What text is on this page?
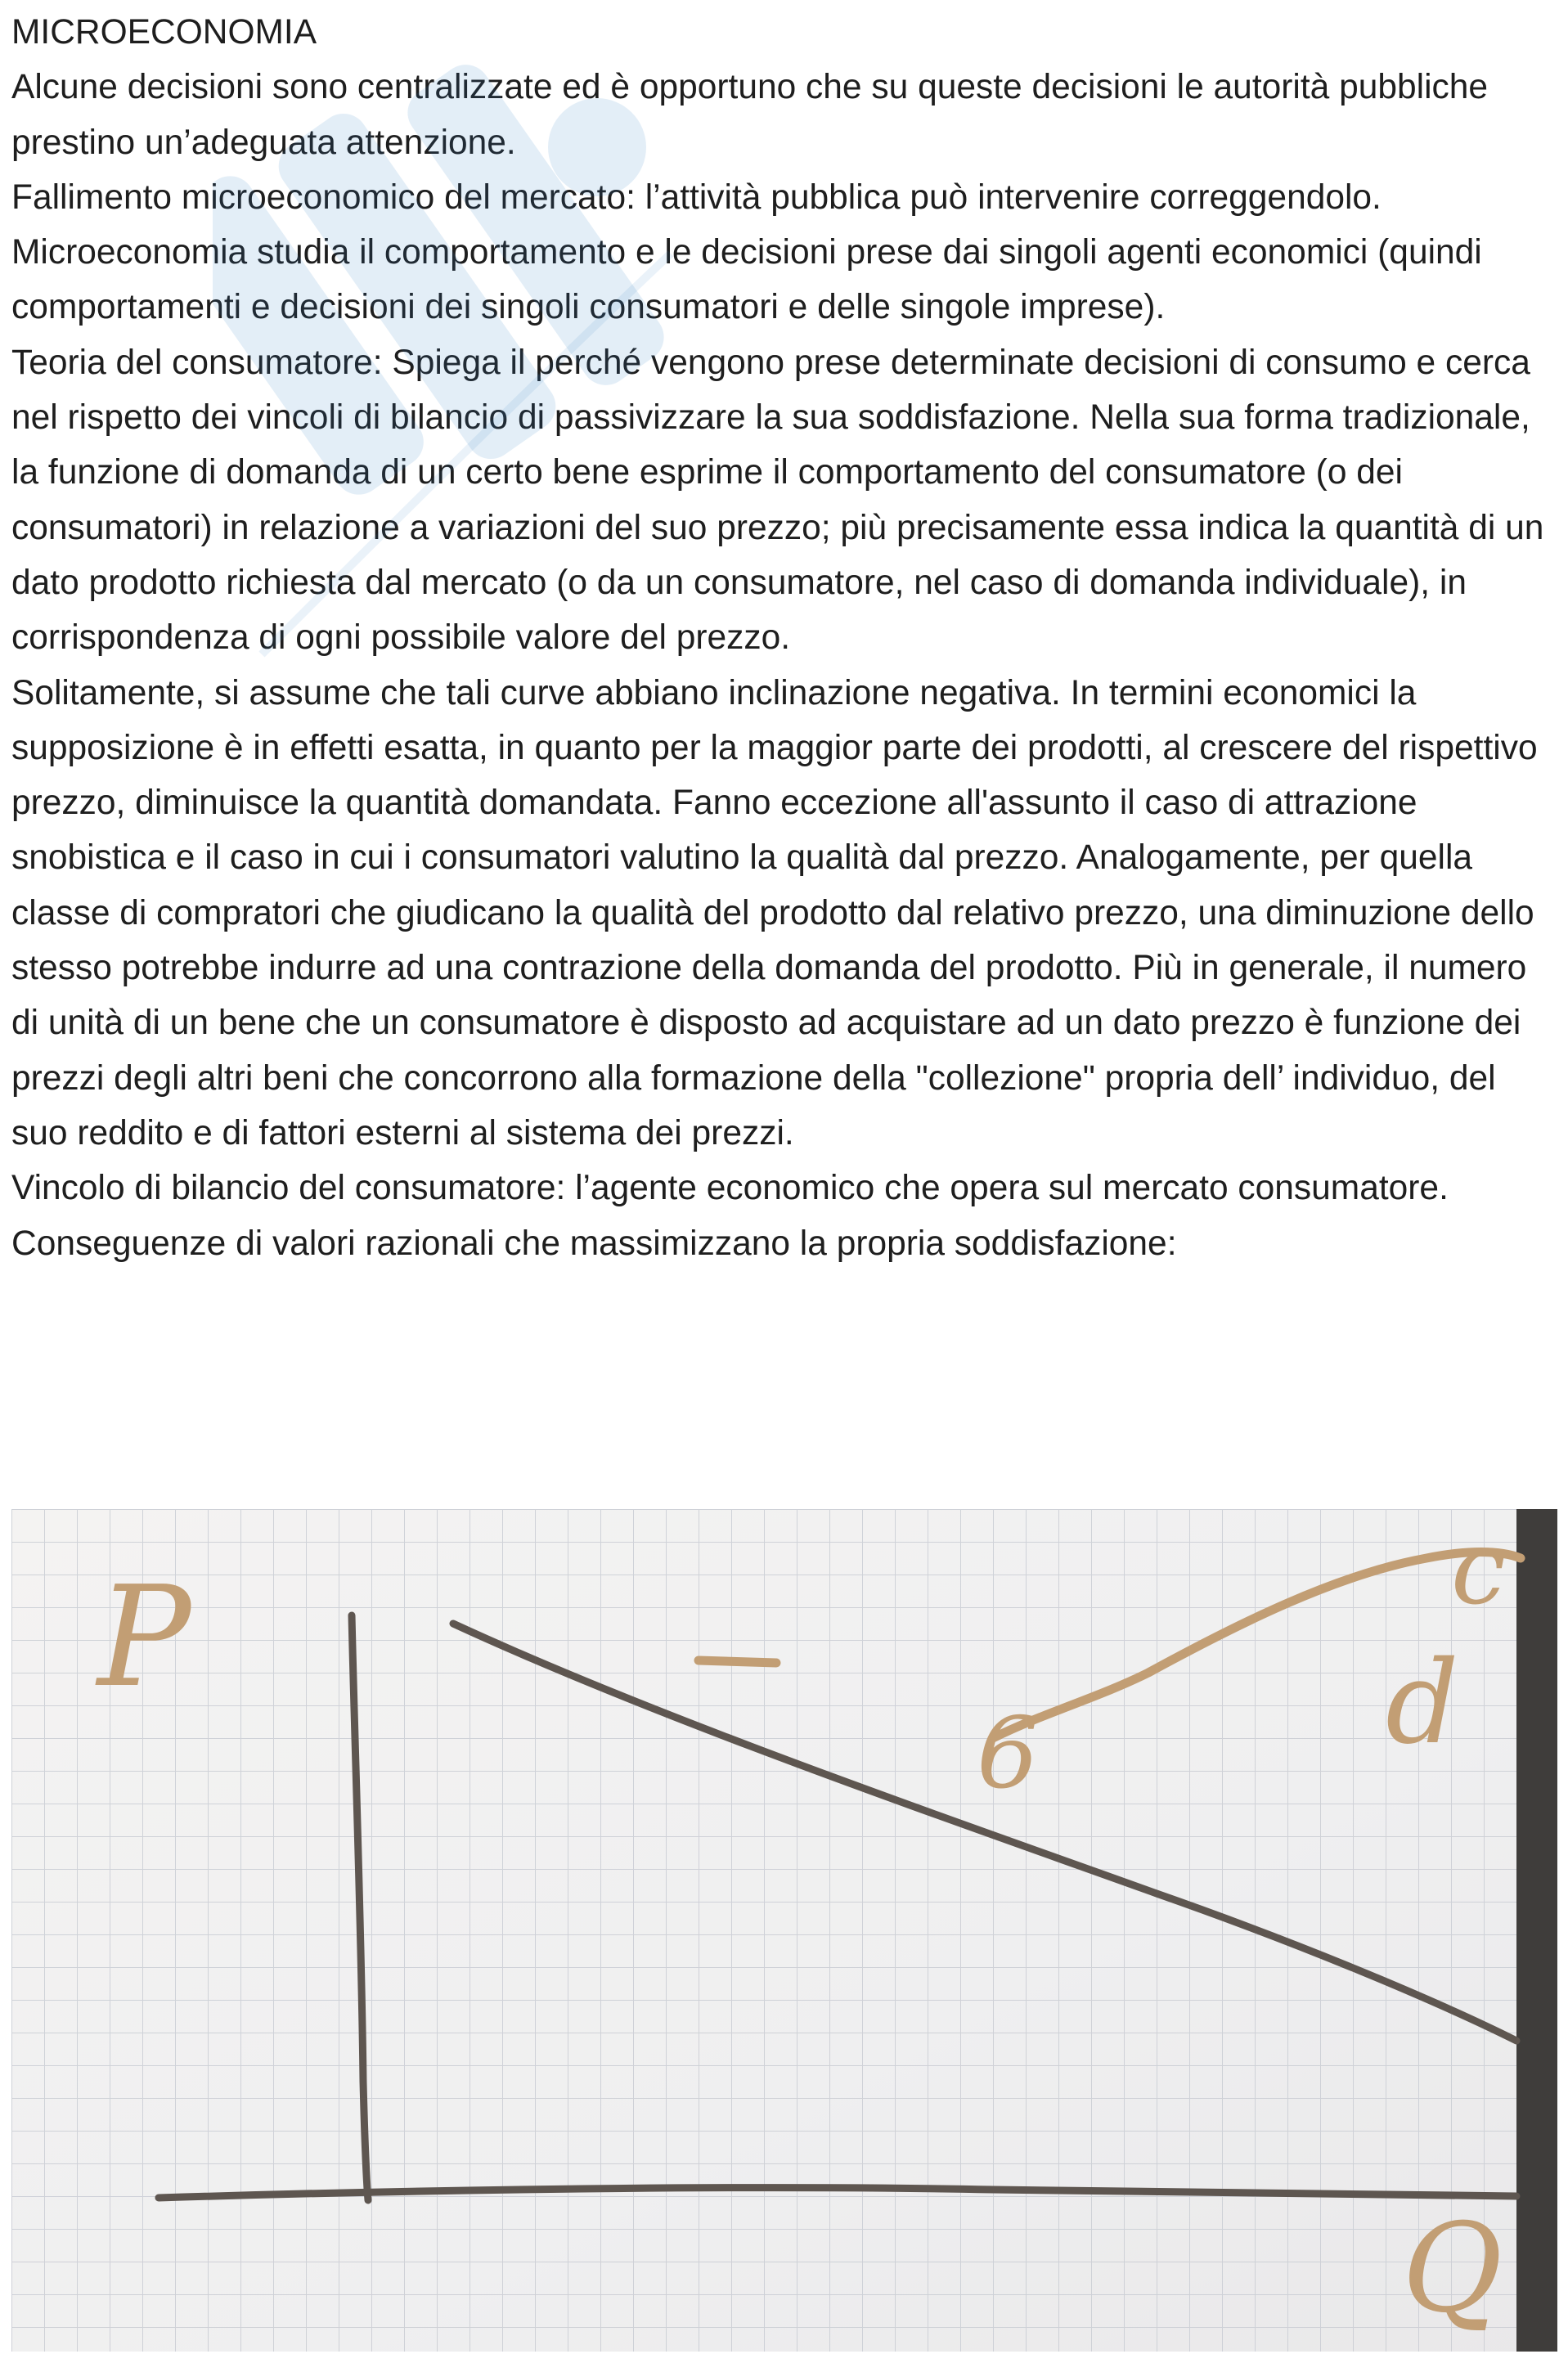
MICROECONOMIA

Alcune decisioni sono centralizzate ed è opportuno che su queste decisioni le autorità pubbliche prestino un’adeguata attenzione.

Fallimento microeconomico del mercato: l’attività pubblica può intervenire correggendolo. Microeconomia studia il comportamento e le decisioni prese dai singoli agenti economici (quindi comportamenti e decisioni dei singoli consumatori e delle singole imprese).

Teoria del consumatore: Spiega il perché vengono prese determinate decisioni di consumo e cerca nel rispetto dei vincoli di bilancio di passivizzare la sua soddisfazione. Nella sua forma tradizionale, la funzione di domanda di un certo bene esprime il comportamento del consumatore (o dei consumatori) in relazione a variazioni del suo prezzo; più precisamente essa indica la quantità di un dato prodotto richiesta dal mercato (o da un consumatore, nel caso di domanda individuale), in corrispondenza di ogni possibile valore del prezzo.

Solitamente, si assume che tali curve abbiano inclinazione negativa. In termini economici la supposizione è in effetti esatta, in quanto per la maggior parte dei prodotti, al crescere del rispettivo prezzo, diminuisce la quantità domandata. Fanno eccezione all'assunto il caso di attrazione snobistica e il caso in cui i consumatori valutino la qualità dal prezzo. Analogamente, per quella classe di compratori che giudicano la qualità del prodotto dal relativo prezzo, una diminuzione dello stesso potrebbe indurre ad una contrazione della domanda del prodotto. Più in generale, il numero di unità di un bene che un consumatore è disposto ad acquistare ad un dato prezzo è funzione dei prezzi degli altri beni che concorrono alla formazione della "collezione" propria dell’ individuo, del suo reddito e di fattori esterni al sistema dei prezzi.

Vincolo di bilancio del consumatore: l’agente economico che opera sul mercato consumatore.

Conseguenze di valori razionali che massimizzano la propria soddisfazione:

P
6	d
c
Q
